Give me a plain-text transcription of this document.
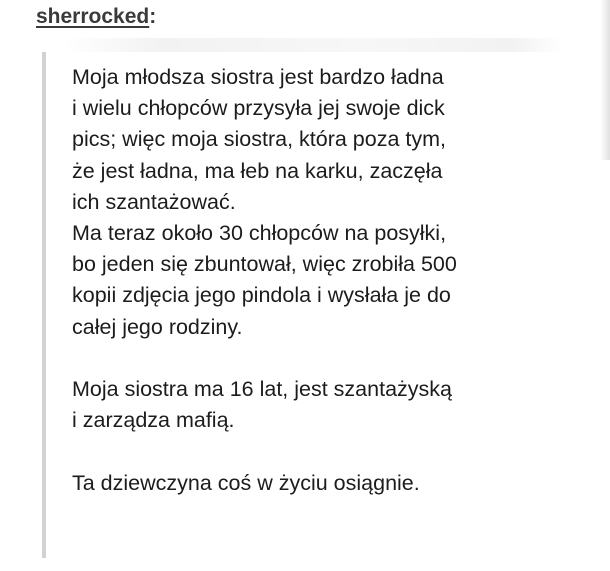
sherrocked:
Moja młodsza siostra jest bardzo ładna
i wielu chłopców przysyła jej swoje dick
pics; więc moja siostra, która poza tym,
że jest ładna, ma łeb na karku, zaczęła
ich szantażować.
Ma teraz około 30 chłopców na posyłki,
bo jeden się zbuntował, więc zrobiła 500
kopii zdjęcia jego pindola i wysłała je do
całej jego rodziny.
Moja siostra ma 16 lat, jest szantażyską
i zarządza mafią.
Ta dziewczyna coś w życiu osiągnie.
